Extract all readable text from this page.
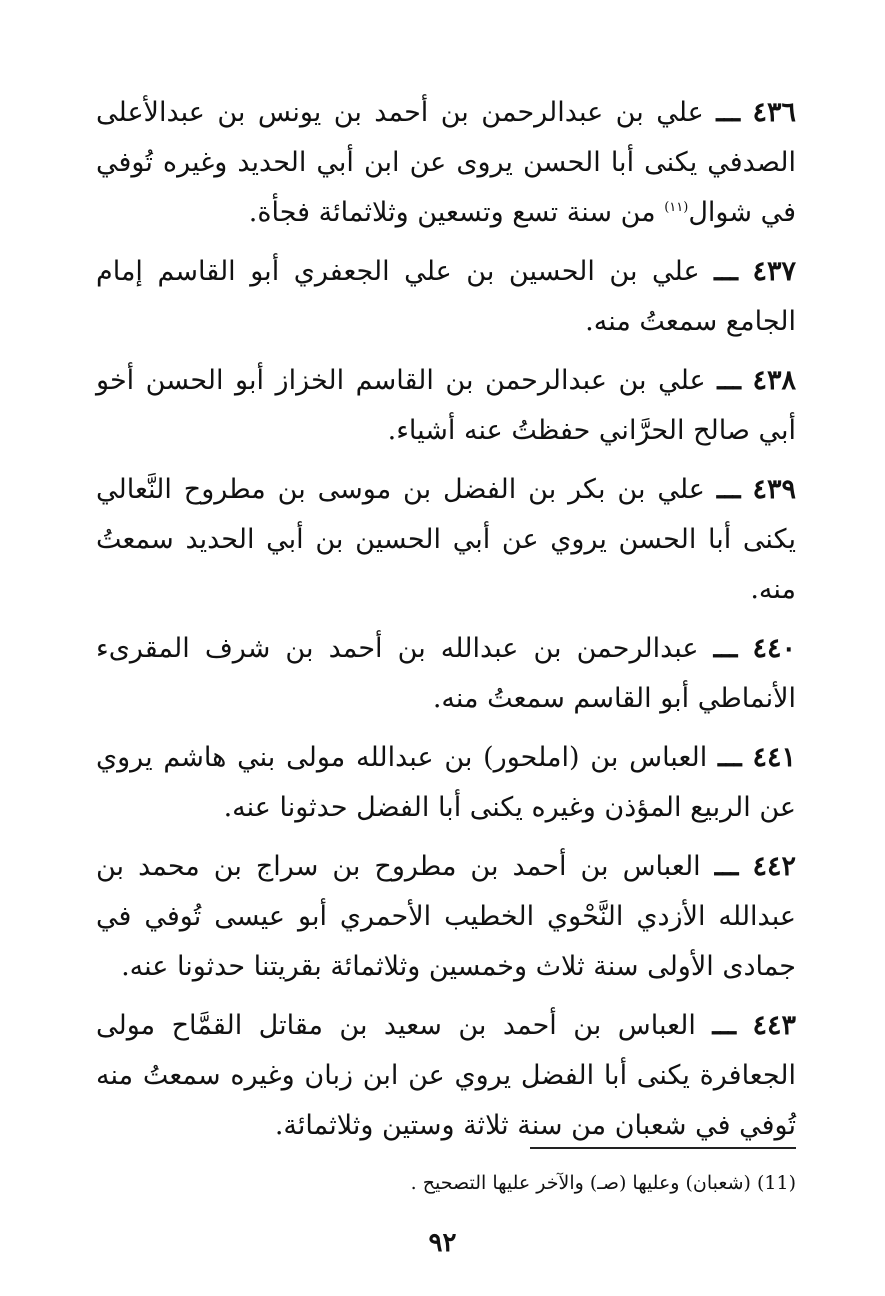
٤٣٦ ـــ علي بن عبدالرحمن بن أحمد بن يونس بن عبدالأعلى الصدفي يكنى أبا الحسن يروى عن ابن أبي الحديد وغيره تُوفي في شوال$^{(١١)}$ من سنة تسع وتسعين وثلاثمائة فجأة.

٤٣٧ ـــ علي بن الحسين بن علي الجعفري أبو القاسم إمام الجامع سمعتُ منه.

٤٣٨ ـــ علي بن عبدالرحمن بن القاسم الخزاز أبو الحسن أخو أبي صالح الحرَّاني حفظتُ عنه أشياء.

٤٣٩ ـــ علي بن بكر بن الفضل بن موسى بن مطروح النَّعالي يكنى أبا الحسن يروي عن أبي الحسين بن أبي الحديد سمعتُ منه.

٤٤٠ ـــ عبدالرحمن بن عبدالله بن أحمد بن شرف المقرىء الأنماطي أبو القاسم سمعتُ منه.

٤٤١ ـــ العباس بن (املحور) بن عبدالله مولى بني هاشم يروي عن الربيع المؤذن وغيره يكنى أبا الفضل حدثونا عنه.

٤٤٢ ـــ العباس بن أحمد بن مطروح بن سراج بن محمد بن عبدالله الأزدي النَّحْوي الخطيب الأحمري أبو عيسى تُوفي في جمادى الأولى سنة ثلاث وخمسين وثلاثمائة بقريتنا حدثونا عنه.

٤٤٣ ـــ العباس بن أحمد بن سعيد بن مقاتل القمَّاح مولى الجعافرة يكنى أبا الفضل يروي عن ابن زبان وغيره سمعتُ منه تُوفي في شعبان من سنة ثلاثة وستين وثلاثمائة.

(11) (شعبان) وعليها (صـ) والآخر عليها التصحيح .
٩٢
